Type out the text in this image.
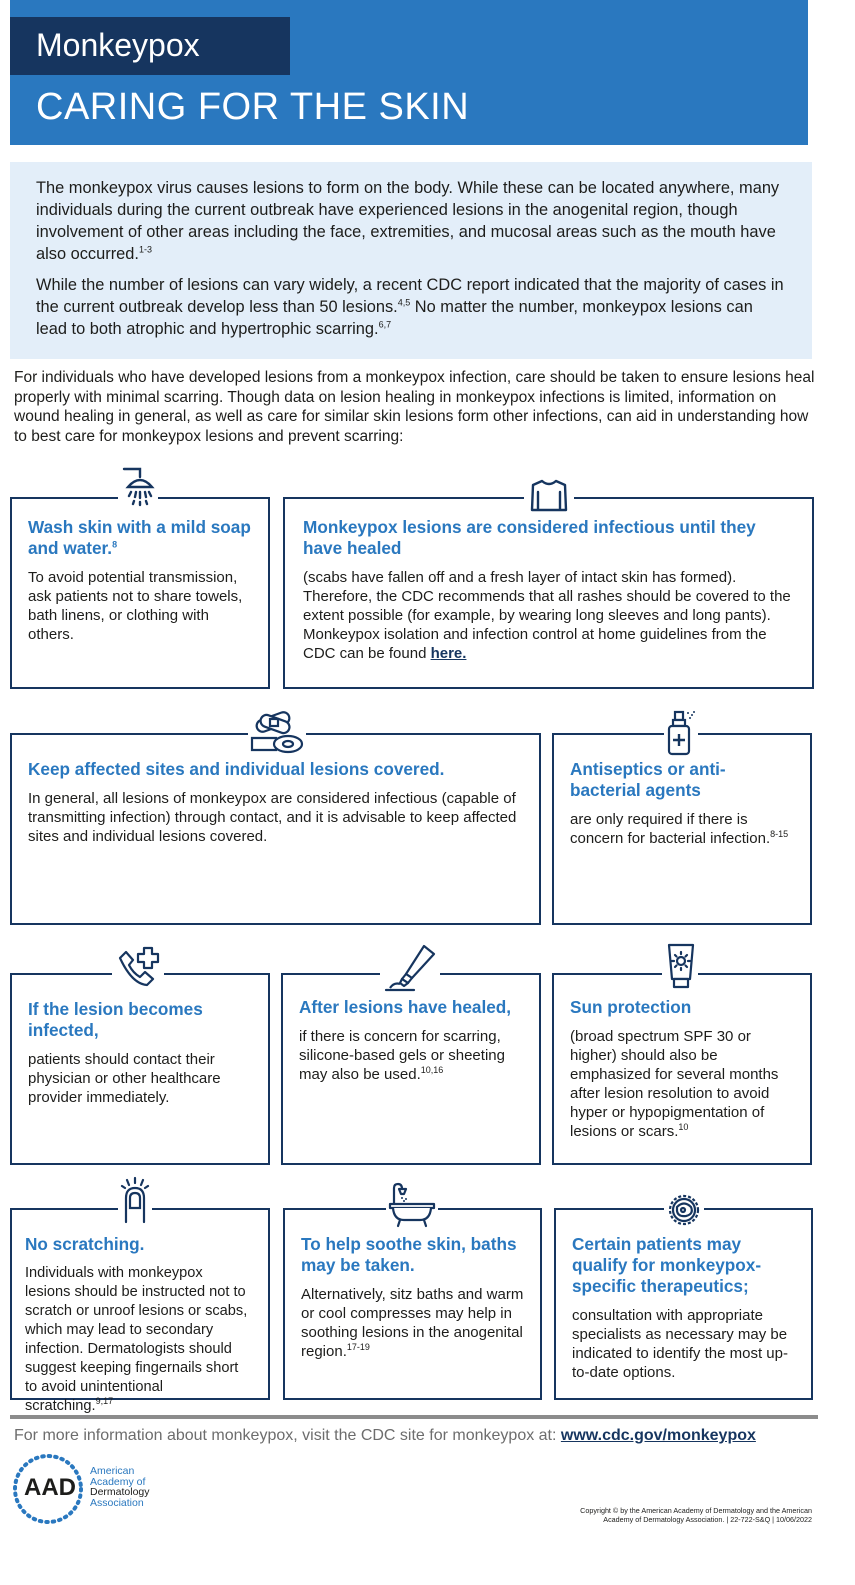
Monkeypox
CARING FOR THE SKIN

The monkeypox virus causes lesions to form on the body. While these can be located anywhere, many individuals during the current outbreak have experienced lesions in the anogenital region, though involvement of other areas including the face, extremities, and mucosal areas such as the mouth have also occurred.$^{1-3}$

While the number of lesions can vary widely, a recent CDC report indicated that the majority of cases in the current outbreak develop less than 50 lesions.$^{4,5}$ No matter the number, monkeypox lesions can lead to both atrophic and hypertrophic scarring.$^{6,7}$

For individuals who have developed lesions from a monkeypox infection, care should be taken to ensure lesions heal properly with minimal scarring. Though data on lesion healing in monkeypox infections is limited, information on wound healing in general, as well as care for similar skin lesions form other infections, can aid in understanding how to best care for monkeypox lesions and prevent scarring:
Wash skin with a mild soap and water.$^8$

To avoid potential transmission, ask patients not to share towels, bath linens, or clothing with others.

Monkeypox lesions are considered infectious until they have healed

(scabs have fallen off and a fresh layer of intact skin has formed). Therefore, the CDC recommends that all rashes should be covered to the extent possible (for example, by wearing long sleeves and long pants). Monkeypox isolation and infection control at home guidelines from the CDC can be found here.

Keep affected sites and individual lesions covered.

In general, all lesions of monkeypox are considered infectious (capable of transmitting infection) through contact, and it is advisable to keep affected sites and individual lesions covered.

Antiseptics or anti-bacterial agents

are only required if there is concern for bacterial infection.$^{8-15}$

If the lesion becomes infected,

patients should contact their physician or other healthcare provider immediately.

After lesions have healed,

if there is concern for scarring, silicone-based gels or sheeting may also be used.$^{10,16}$

Sun protection

(broad spectrum SPF 30 or higher) should also be emphasized for several months after lesion resolution to avoid hyper or hypopigmentation of lesions or scars.$^{10}$

No scratching.

Individuals with monkeypox lesions should be instructed not to scratch or unroof lesions or scabs, which may lead to secondary infection. Dermatologists should suggest keeping fingernails short to avoid unintentional scratching.$^{9,17}$

To help soothe skin, baths may be taken.

Alternatively, sitz baths and warm or cool compresses may help in soothing lesions in the anogenital region.$^{17-19}$

Certain patients may qualify for monkeypox-specific therapeutics;

consultation with appropriate specialists as necessary may be indicated to identify the most up-to-date options.

For more information about monkeypox, visit the CDC site for monkeypox at: www.cdc.gov/monkeypox
AAD
American
Academy of
Dermatology
Association
Copyright © by the American Academy of Dermatology and the American
Academy of Dermatology Association. | 22-722-S&Q | 10/06/2022
